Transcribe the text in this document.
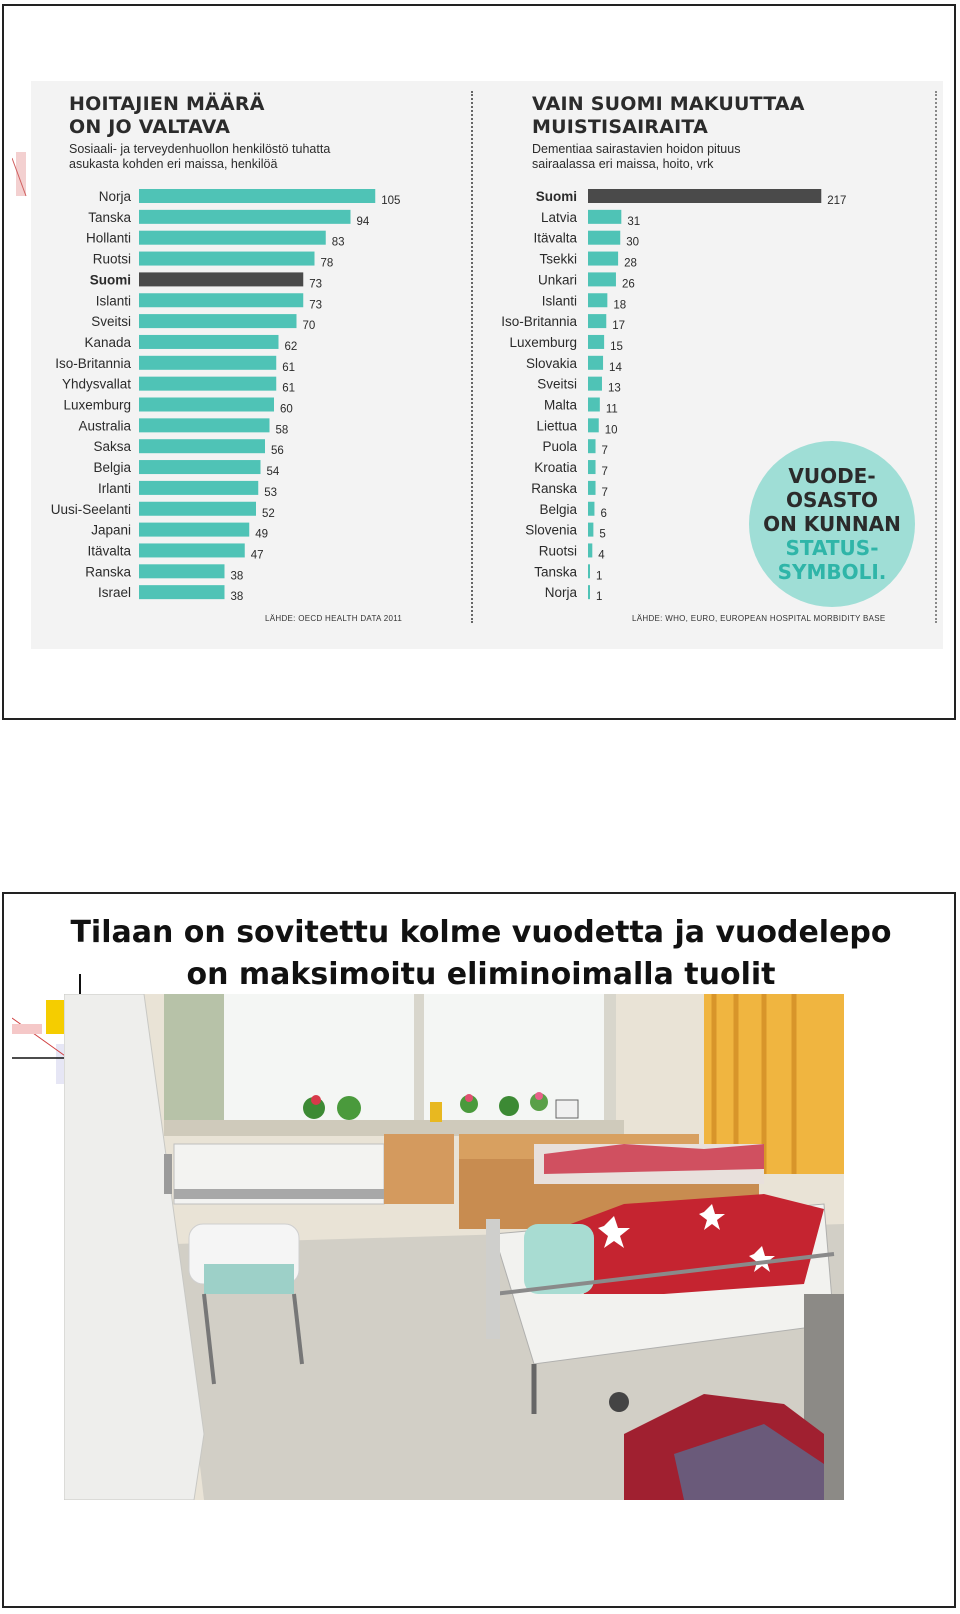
HOITAJIEN MÄÄRÄ
ON JO VALTAVA
Sosiaali- ja terveydenhuollon henkilöstö tuhatta
asukasta kohden eri maissa, henkilöä
VAIN SUOMI MAKUUTTAA
MUISTISAIRAITA
Dementiaa sairastavien hoidon pituus
sairaalassa eri maissa, hoito, vrk
Norja	105
Tanska	94
Hollanti	83
Ruotsi	78
Suomi	73
Islanti	73
Sveitsi	70
Kanada	62
Iso-Britannia	61
Yhdysvallat	61
Luxemburg	60
Australia	58
Saksa	56
Belgia	54
Irlanti	53
Uusi-Seelanti	52
Japani	49
Itävalta	47
Ranska	38
Israel	38
Suomi	217
Latvia	31
Itävalta	30
Tsekki	28
Unkari	26
Islanti	18
Iso-Britannia	17
Luxemburg	15
Slovakia	14
Sveitsi	13
Malta	11
Liettua 10
Puola 7
Kroatia 7
Ranska 7
Belgia 6
Slovenia 5
Ruotsi 4
Tanska 1
Norja 1
LÄHDE: OECD HEALTH DATA 2011	LÄHDE: WHO, EURO, EUROPEAN HOSPITAL MORBIDITY BASE
VUODE-
OSASTO
ON KUNNAN
STATUS-
SYMBOLI.
Tilaan on sovitettu kolme vuodetta ja vuodelepo on maksimoitu eliminoimalla tuolit
